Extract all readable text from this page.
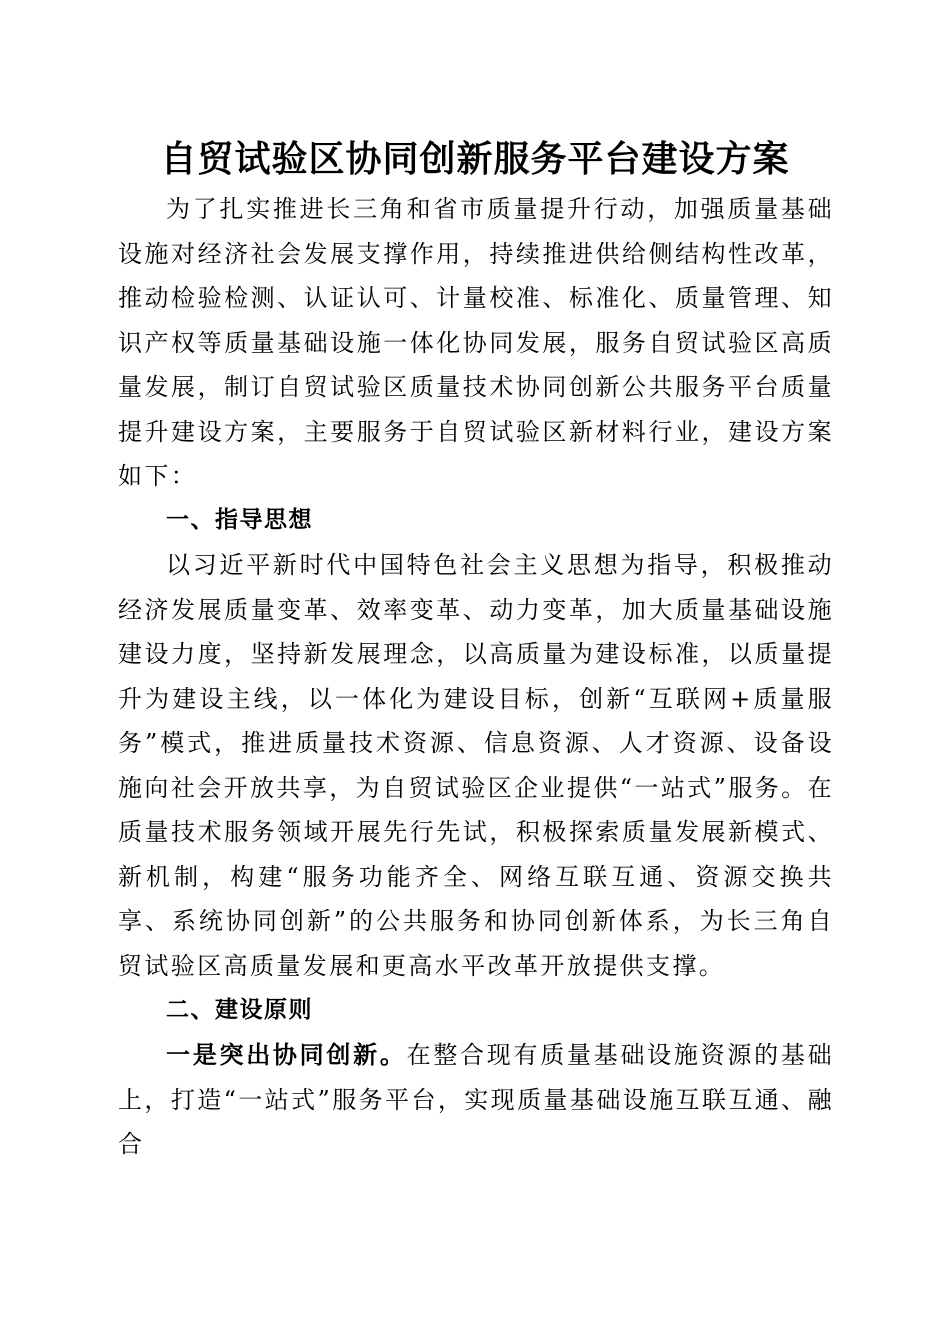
自贸试验区协同创新服务平台建设方案

为了扎实推进长三角和省市质量提升行动，加强质量基础设施对经济社会发展支撑作用，持续推进供给侧结构性改革，推动检验检测、认证认可、计量校准、标准化、质量管理、知识产权等质量基础设施一体化协同发展，服务自贸试验区高质量发展，制订自贸试验区质量技术协同创新公共服务平台质量提升建设方案，主要服务于自贸试验区新材料行业，建设方案如下：

一、指导思想

以习近平新时代中国特色社会主义思想为指导，积极推动经济发展质量变革、效率变革、动力变革，加大质量基础设施建设力度，坚持新发展理念，以高质量为建设标准，以质量提升为建设主线，以一体化为建设目标，创新“互联网+质量服务”模式，推进质量技术资源、信息资源、人才资源、设备设施向社会开放共享，为自贸试验区企业提供“一站式”服务。在质量技术服务领域开展先行先试，积极探索质量发展新模式、新机制，构建“服务功能齐全、网络互联互通、资源交换共享、系统协同创新”的公共服务和协同创新体系，为长三角自贸试验区高质量发展和更高水平改革开放提供支撑。

二、建设原则

一是突出协同创新。在整合现有质量基础设施资源的基础上，打造“一站式”服务平台，实现质量基础设施互联互通、融合
